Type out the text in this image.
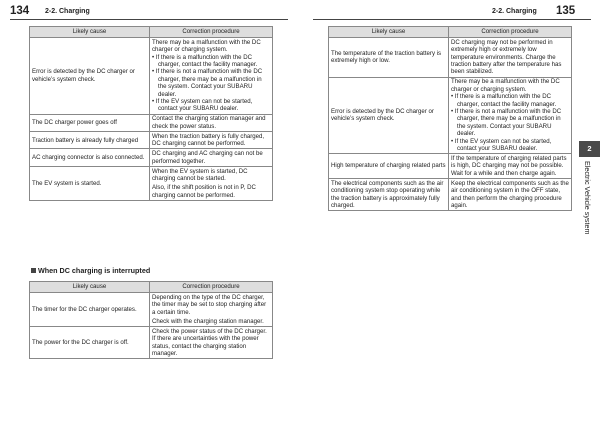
134 2-2. Charging	2-2. Charging 135
Likely cause	Correction procedure
Error is detected by the DC charger or vehicle’s system check.	There may be a malfunction with the DC charger or charging system.
• If there is a malfunction with the DC charger, contact the facility manager.
• If there is not a malfunction with the DC charger, there may be a malfunction in the system. Contact your SUBARU dealer.
• If the EV system can not be started, contact your SUBARU dealer.

The DC charger power goes off	Contact the charging station manager and check the power status.
Traction battery is already fully charged	When the traction battery is fully charged, DC charging cannot be performed.
AC charging connector is also connected.	DC charging and AC charging can not be performed together.
The EV system is started.	When the EV system is started, DC charging cannot be started.
Also, if the shift position is not in P, DC charging cannot be performed.
When DC charging is interrupted
Likely cause	Correction procedure
The timer for the DC charger operates.	Depending on the type of the DC charger, the timer may be set to stop charging after a certain time.
Check with the charging station manager.

The power for the DC charger is off.	Check the power status of the DC charger. If there are uncertainties with the power status, contact the charging station manager.
Likely cause	Correction procedure
The temperature of the traction battery is extremely high or low.	DC charging may not be performed in extremely high or extremely low temperature environments. Charge the traction battery after the temperature has been stabilized.
Error is detected by the DC charger or vehicle’s system check.	There may be a malfunction with the DC charger or charging system.
• If there is a malfunction with the DC charger, contact the facility manager.
• If there is not a malfunction with the DC charger, there may be a malfunction in the system. Contact your SUBARU dealer.
• If the EV system can not be started, contact your SUBARU dealer.

High temperature of charging related parts	If the temperature of charging related parts is high, DC charging may not be possible. Wait for a while and then charge again.
The electrical components such as the air conditioning system stop operating while the traction battery is approximately fully charged.	Keep the electrical components such as the air conditioning system in the OFF state, and then perform the charging procedure again.
2
Electric Vehicle system
